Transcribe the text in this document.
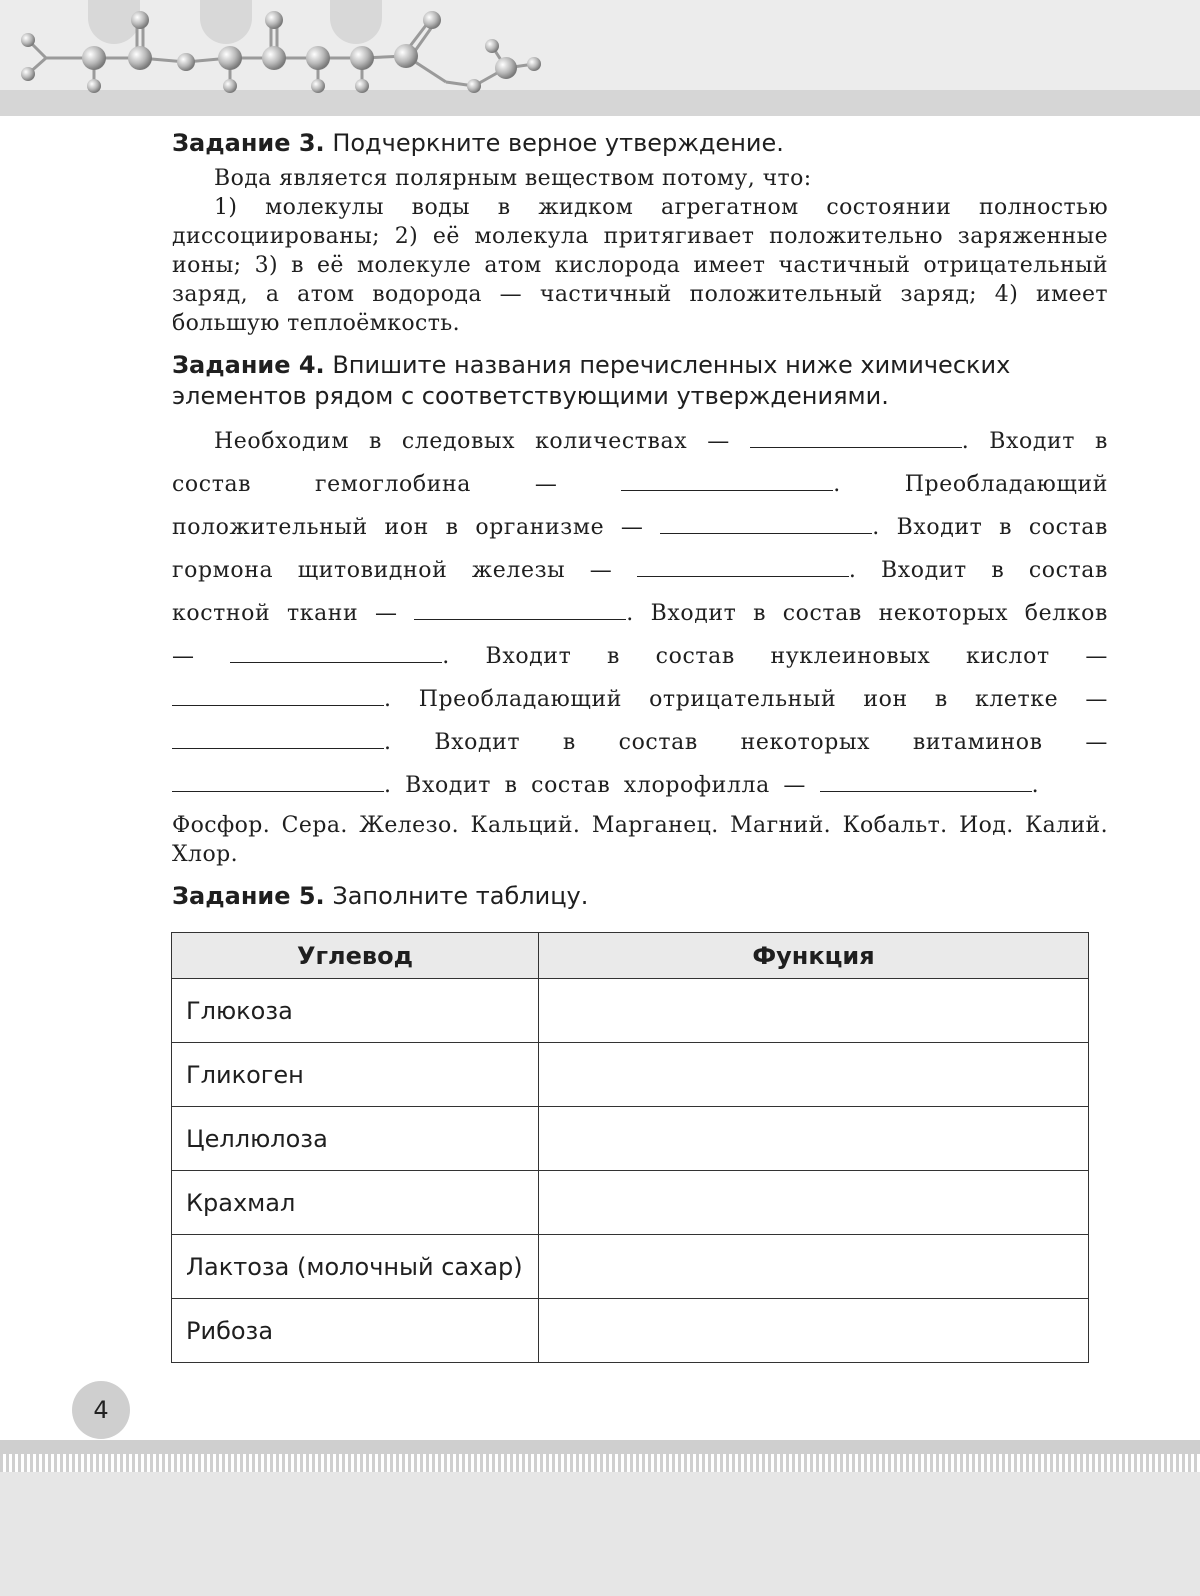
Задание 3. Подчеркните верное утверждение.

Вода является полярным веществом потому, что:

1) молекулы воды в жидком агрегатном состоянии полностью диссоциированы; 2) её молекула притягивает положительно заряженные ионы; 3) в её молекуле атом кислорода имеет частичный отрицательный заряд, а атом водорода — частичный положительный заряд; 4) имеет большую теплоёмкость.

Задание 4. Впишите названия перечисленных ниже химических элементов рядом с соответствующими утверждениями.

Необходим в следовых количествах —	. Входит в состав гемоглобина —	. Преобладающий положительный ион в организме —	. Входит в состав гормона щитовидной железы —	. Входит в состав костной ткани —	. Входит в состав некоторых белков —	. Входит в состав нуклеиновых кислот — . Преобладающий отрицательный ион в клетке — . Входит в состав некоторых витаминов — . Входит в состав хлорофилла —	.

Фосфор. Сера. Железо. Кальций. Марганец. Магний. Кобальт. Иод. Калий. Хлор.

Задание 5. Заполните таблицу.

Углевод	Функция
Глюкоза	
Гликоген	
Целлюлоза	
Крахмал	
Лактоза (молочный сахар)	
Рибоза	
4
